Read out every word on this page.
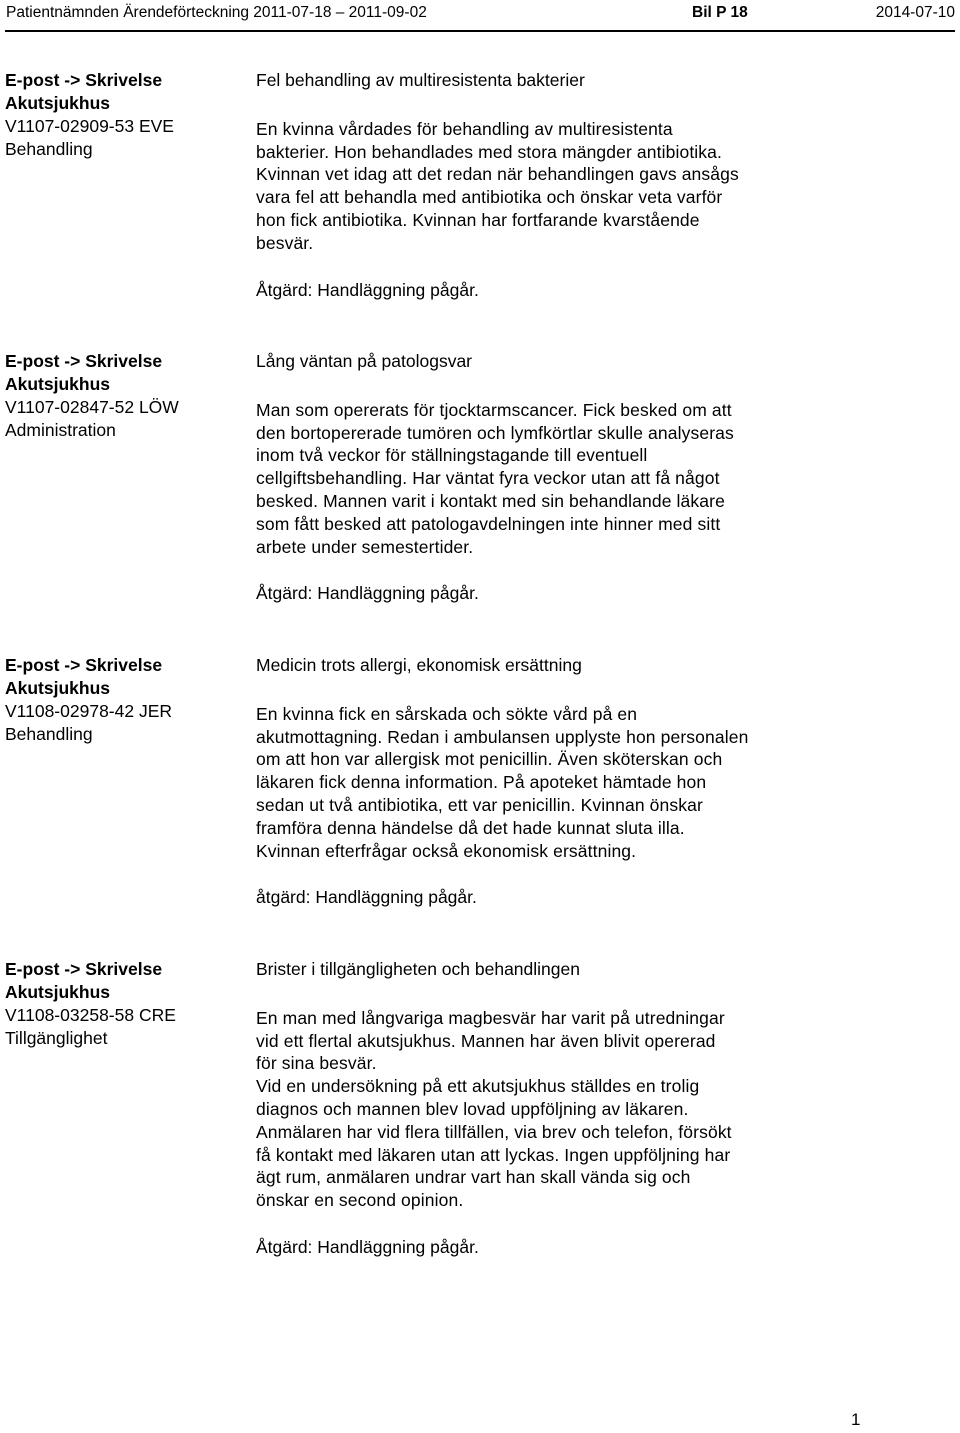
Patientnämnden Ärendeförteckning 2011-07-18 – 2011-09-02	Bil P 18	2014-07-10
E-post -> Skrivelse
Akutsjukhus
V1107-02909-53 EVE
Behandling
Fel behandling av multiresistenta bakterier
En kvinna vårdades för behandling av multiresistenta
bakterier. Hon behandlades med stora mängder antibiotika.
Kvinnan vet idag att det redan när behandlingen gavs ansågs
vara fel att behandla med antibiotika och önskar veta varför
hon fick antibiotika. Kvinnan har fortfarande kvarstående
besvär.
Åtgärd: Handläggning pågår.
E-post -> Skrivelse
Akutsjukhus
V1107-02847-52 LÖW
Administration
Lång väntan på patologsvar
Man som opererats för tjocktarmscancer. Fick besked om att
den bortopererade tumören och lymfkörtlar skulle analyseras
inom två veckor för ställningstagande till eventuell
cellgiftsbehandling. Har väntat fyra veckor utan att få något
besked. Mannen varit i kontakt med sin behandlande läkare
som fått besked att patologavdelningen inte hinner med sitt
arbete under semestertider.
Åtgärd: Handläggning pågår.
E-post -> Skrivelse
Akutsjukhus
V1108-02978-42 JER
Behandling
Medicin trots allergi, ekonomisk ersättning
En kvinna fick en sårskada och sökte vård på en
akutmottagning. Redan i ambulansen upplyste hon personalen
om att hon var allergisk mot penicillin. Även sköterskan och
läkaren fick denna information. På apoteket hämtade hon
sedan ut två antibiotika, ett var penicillin. Kvinnan önskar
framföra denna händelse då det hade kunnat sluta illa.
Kvinnan efterfrågar också ekonomisk ersättning.
åtgärd: Handläggning pågår.
E-post -> Skrivelse
Akutsjukhus
V1108-03258-58 CRE
Tillgänglighet
Brister i tillgängligheten och behandlingen
En man med långvariga magbesvär har varit på utredningar
vid ett flertal akutsjukhus. Mannen har även blivit opererad
för sina besvär.
Vid en undersökning på ett akutsjukhus ställdes en trolig
diagnos och mannen blev lovad uppföljning av läkaren.
Anmälaren har vid flera tillfällen, via brev och telefon, försökt
få kontakt med läkaren utan att lyckas. Ingen uppföljning har
ägt rum, anmälaren undrar vart han skall vända sig och
önskar en second opinion.
Åtgärd: Handläggning pågår.
1
